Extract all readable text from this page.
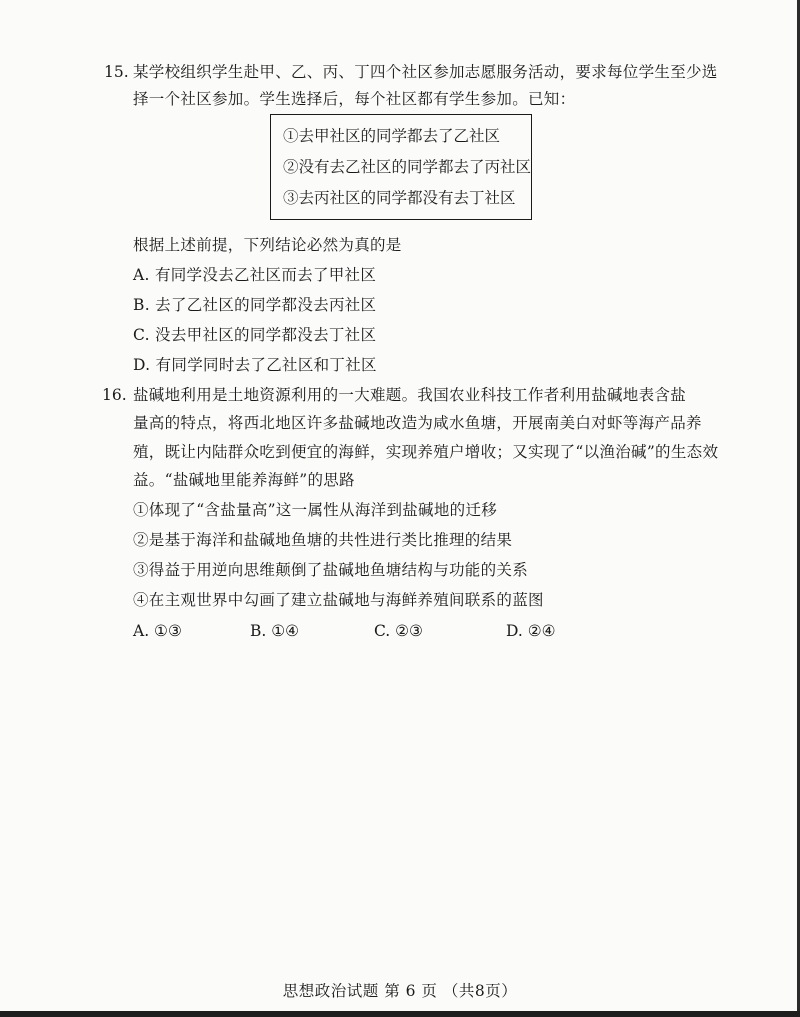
15. 某学校组织学生赴甲、乙、丙、丁四个社区参加志愿服务活动，要求每位学生至少选
择一个社区参加。学生选择后，每个社区都有学生参加。已知：
①去甲社区的同学都去了乙社区
②没有去乙社区的同学都去了丙社区
③去丙社区的同学都没有去丁社区
根据上述前提，下列结论必然为真的是
A. 有同学没去乙社区而去了甲社区
B. 去了乙社区的同学都没去丙社区
C. 没去甲社区的同学都没去丁社区
D. 有同学同时去了乙社区和丁社区
16. 盐碱地利用是土地资源利用的一大难题。我国农业科技工作者利用盐碱地表含盐
量高的特点，将西北地区许多盐碱地改造为咸水鱼塘，开展南美白对虾等海产品养
殖，既让内陆群众吃到便宜的海鲜，实现养殖户增收；又实现了“以渔治碱”的生态效
益。“盐碱地里能养海鲜”的思路
①体现了“含盐量高”这一属性从海洋到盐碱地的迁移
②是基于海洋和盐碱地鱼塘的共性进行类比推理的结果
③得益于用逆向思维颠倒了盐碱地鱼塘结构与功能的关系
④在主观世界中勾画了建立盐碱地与海鲜养殖间联系的蓝图
A. ①③	B. ①④	C. ②③	D. ②④
思想政治试题 第 6 页 （共8页）
